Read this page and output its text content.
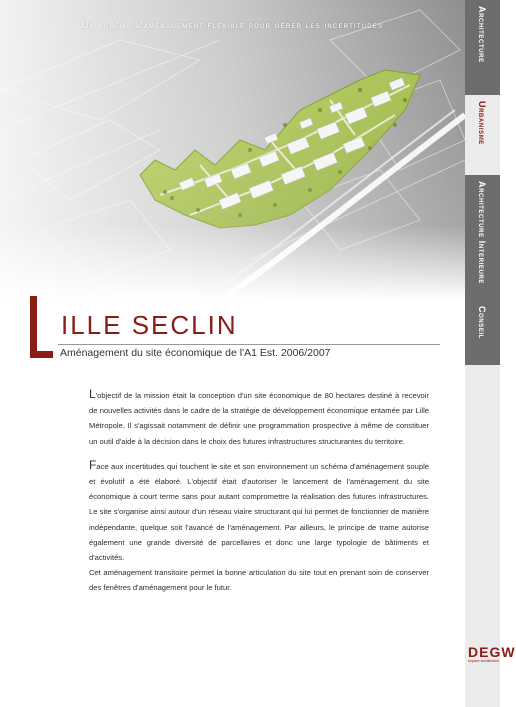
Un schéma d'aménagement flexible pour gérer les incertitudes	Architecture
Urbanisme
Architecture Interieure
Conseil
DEGW
espace architecture
ILLE SECLIN
Aménagement du site économique de l'A1 Est. 2006/2007

L'objectif de la mission était la conception d'un site économique de 80 hectares destiné à recevoir de nouvelles activités dans le cadre de la stratégie de développement économique entamée par Lille Métropole. Il s'agissait notamment de définir une programmation prospective à même de constituer un outil d'aide à la décision dans le choix des futures infrastructures structurantes du territoire.

Face aux incertitudes qui touchent le site et son environnement un schéma d'aménagement souple et évolutif a été élaboré. L'objectif était d'autoriser le lancement de l'aménagement du site économique à court terme sans pour autant compromettre la réalisation des futures infrastructures. Le site s'organise ainsi autour d'un réseau viaire structurant qui lui permet de fonctionner de manière indépendante, quelque soit l'avancé de l'aménagement. Par ailleurs, le principe de trame autorise également une grande diversité de parcellaires et donc une large typologie de bâtiments et d'activités.

Cet aménagement transitoire permet la bonne articulation du site tout en prenant soin de conserver des fenêtres d'aménagement pour le futur.
